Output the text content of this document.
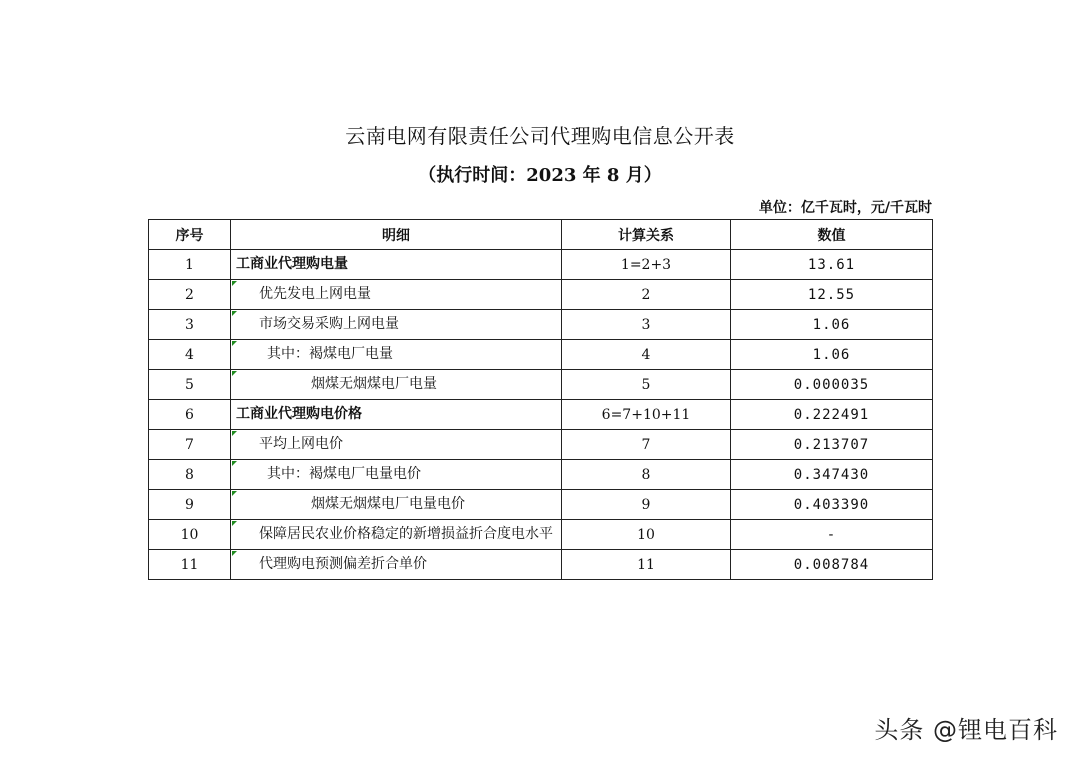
云南电网有限责任公司代理购电信息公开表
（执行时间：2023 年 8 月）
单位：亿千瓦时，元/千瓦时
序号	明细	计算关系	数值
1	工商业代理购电量	1=2+3	13.61
2	优先发电上网电量	2	12.55
3	市场交易采购上网电量	3	1.06
4	其中：褐煤电厂电量	4	1.06
5	烟煤无烟煤电厂电量	5	0.000035
6	工商业代理购电价格	6=7+10+11	0.222491
7	平均上网电价	7	0.213707
8	其中：褐煤电厂电量电价	8	0.347430
9	烟煤无烟煤电厂电量电价	9	0.403390
10	保障居民农业价格稳定的新增损益折合度电水平	10	-
11	代理购电预测偏差折合单价	11	0.008784
头条 @锂电百科
